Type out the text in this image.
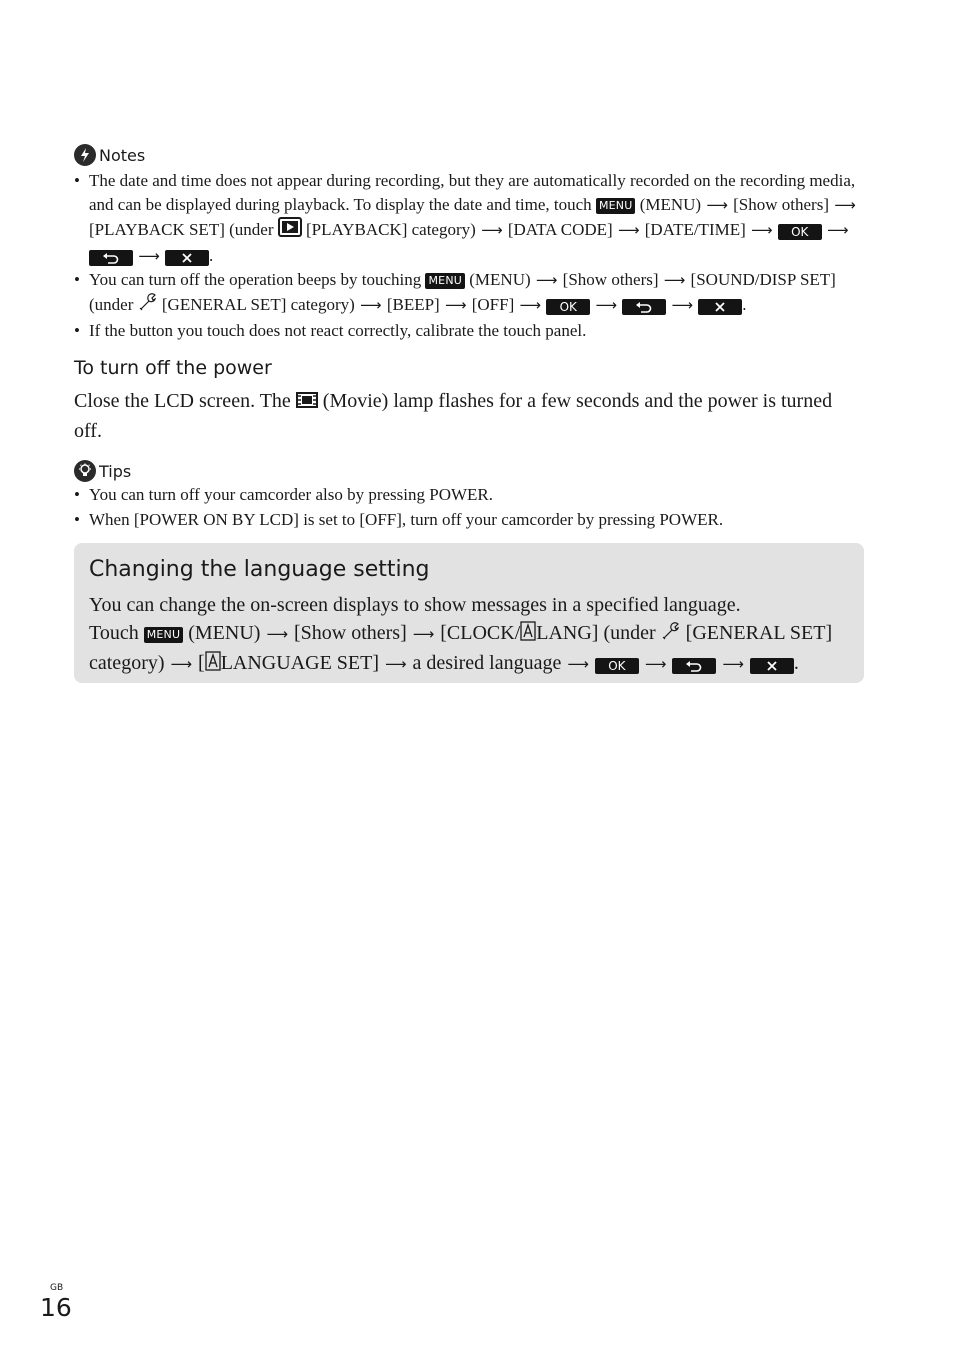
Notes
• The date and time does not appear during recording, but they are automatically recorded on the recording media, and can be displayed during playback. To display the date and time, touch MENU (MENU) ⟶ [Show others] ⟶ [PLAYBACK SET] (under [PLAYBACK] category) ⟶ [DATA CODE] ⟶ [DATE/TIME] ⟶ OK ⟶  ⟶	.
• You can turn off the operation beeps by touching MENU (MENU) ⟶ [Show others] ⟶ [SOUND/DISP SET] (under [GENERAL SET] category) ⟶ [BEEP] ⟶ [OFF] ⟶ OK ⟶	⟶	.
• If the button you touch does not react correctly, calibrate the touch panel.
To turn off the power
Close the LCD screen. The (Movie) lamp flashes for a few seconds and the power is turned off.
Tips
• You can turn off your camcorder also by pressing POWER.
• When [POWER ON BY LCD] is set to [OFF], turn off your camcorder by pressing POWER.
Changing the language setting
You can change the on-screen displays to show messages in a specified language.
Touch MENU (MENU) ⟶ [Show others] ⟶ [CLOCK/ LANG] (under [GENERAL SET] category) ⟶ [ LANGUAGE SET] ⟶ a desired language ⟶ OK ⟶	⟶	.
GB
16
